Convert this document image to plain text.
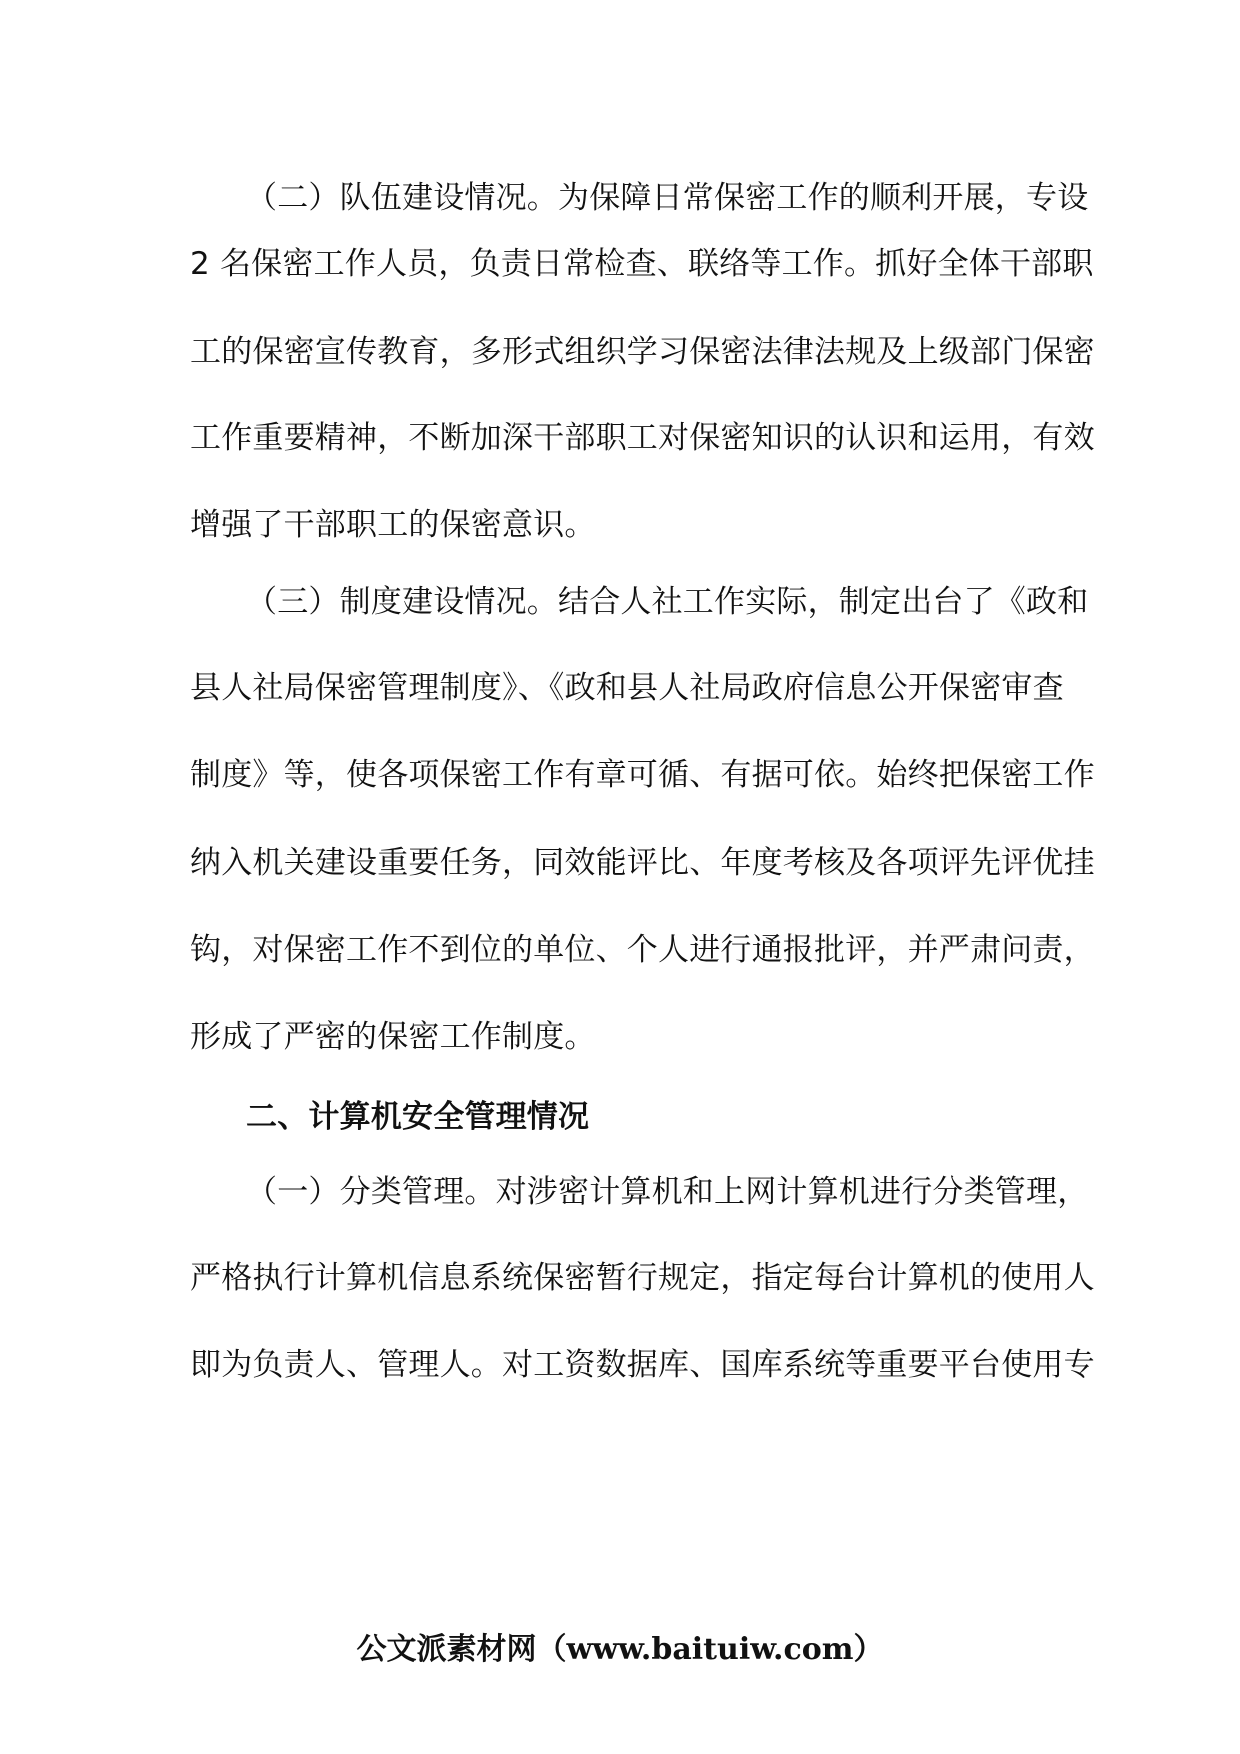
（二）队伍建设情况。为保障日常保密工作的顺利开展，专设
2 名保密工作人员，负责日常检查、联络等工作。抓好全体干部职
工的保密宣传教育，多形式组织学习保密法律法规及上级部门保密
工作重要精神，不断加深干部职工对保密知识的认识和运用，有效
增强了干部职工的保密意识。
（三）制度建设情况。结合人社工作实际，制定出台了《政和
县人社局保密管理制度》、《政和县人社局政府信息公开保密审查
制度》等，使各项保密工作有章可循、有据可依。始终把保密工作
纳入机关建设重要任务，同效能评比、年度考核及各项评先评优挂
钩，对保密工作不到位的单位、个人进行通报批评，并严肃问责，
形成了严密的保密工作制度。
二、计算机安全管理情况
（一）分类管理。对涉密计算机和上网计算机进行分类管理，
严格执行计算机信息系统保密暂行规定，指定每台计算机的使用人
即为负责人、管理人。对工资数据库、国库系统等重要平台使用专
公文派素材网（www.baituiw.com）
